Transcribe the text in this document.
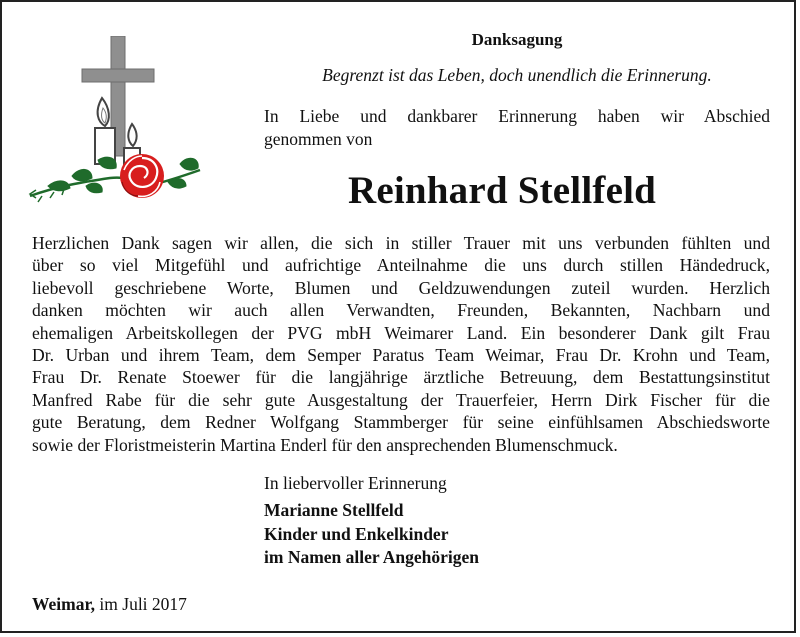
Danksagung
Begrenzt ist das Leben, doch unendlich die Erinnerung.
In Liebe und dankbarer Erinnerung haben wir Abschied
genommen von
Reinhard Stellfeld
Herzlichen Dank sagen wir allen, die sich in stiller Trauer mit uns verbunden fühlten und
über so viel Mitgefühl und aufrichtige Anteilnahme die uns durch stillen Händedruck,
liebevoll geschriebene Worte, Blumen und Geldzuwendungen zuteil wurden. Herzlich
danken möchten wir auch allen Verwandten, Freunden, Bekannten, Nachbarn und
ehemaligen Arbeitskollegen der PVG mbH Weimarer Land. Ein besonderer Dank gilt Frau
Dr. Urban und ihrem Team, dem Semper Paratus Team Weimar, Frau Dr. Krohn und Team,
Frau Dr. Renate Stoewer für die langjährige ärztliche Betreuung, dem Bestattungsinstitut
Manfred Rabe für die sehr gute Ausgestaltung der Trauerfeier, Herrn Dirk Fischer für die
gute Beratung, dem Redner Wolfgang Stammberger für seine einfühlsamen Abschiedsworte
sowie der Floristmeisterin Martina Enderl für den ansprechenden Blumenschmuck.
In liebervoller Erinnerung
Marianne Stellfeld
Kinder und Enkelkinder
im Namen aller Angehörigen
Weimar, im Juli 2017
